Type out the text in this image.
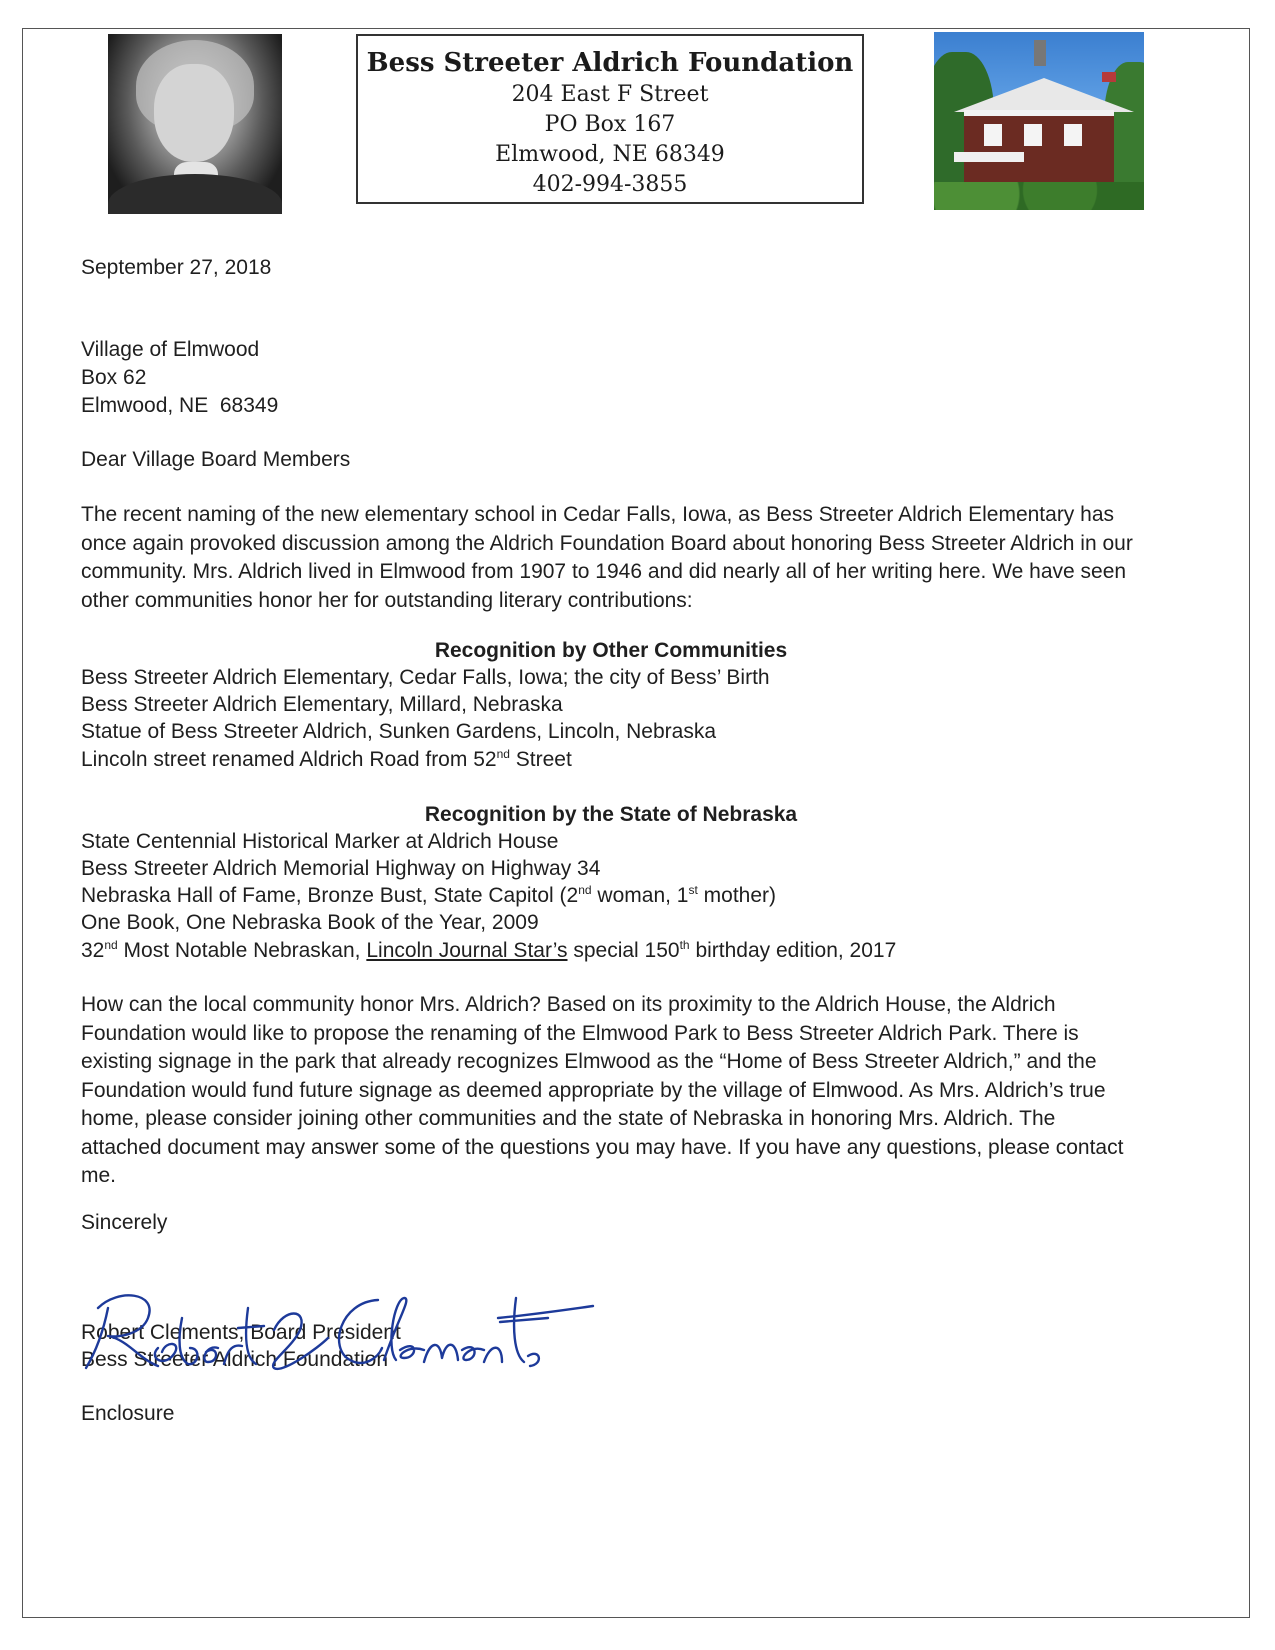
Bess Streeter Aldrich Foundation
204 East F Street
PO Box 167
Elmwood, NE 68349
402-994-3855
September 27, 2018
Village of Elmwood
Box 62
Elmwood, NE  68349
Dear Village Board Members
The recent naming of the new elementary school in Cedar Falls, Iowa, as Bess Streeter Aldrich Elementary has once again provoked discussion among the Aldrich Foundation Board about honoring Bess Streeter Aldrich in our community. Mrs. Aldrich lived in Elmwood from 1907 to 1946 and did nearly all of her writing here. We have seen other communities honor her for outstanding literary contributions:
Recognition by Other Communities
Bess Streeter Aldrich Elementary, Cedar Falls, Iowa; the city of Bess’ Birth
Bess Streeter Aldrich Elementary, Millard, Nebraska
Statue of Bess Streeter Aldrich, Sunken Gardens, Lincoln, Nebraska
Lincoln street renamed Aldrich Road from 52nd Street
Recognition by the State of Nebraska
State Centennial Historical Marker at Aldrich House
Bess Streeter Aldrich Memorial Highway on Highway 34
Nebraska Hall of Fame, Bronze Bust, State Capitol (2nd woman, 1st mother)
One Book, One Nebraska Book of the Year, 2009
32nd Most Notable Nebraskan, Lincoln Journal Star’s special 150th birthday edition, 2017
How can the local community honor Mrs. Aldrich? Based on its proximity to the Aldrich House, the Aldrich Foundation would like to propose the renaming of the Elmwood Park to Bess Streeter Aldrich Park. There is existing signage in the park that already recognizes Elmwood as the “Home of Bess Streeter Aldrich,” and the Foundation would fund future signage as deemed appropriate by the village of Elmwood. As Mrs. Aldrich’s true home, please consider joining other communities and the state of Nebraska in honoring Mrs. Aldrich. The attached document may answer some of the questions you may have. If you have any questions, please contact me.
Sincerely
Robert Clements, Board President
Bess Streeter Aldrich Foundation
Enclosure
